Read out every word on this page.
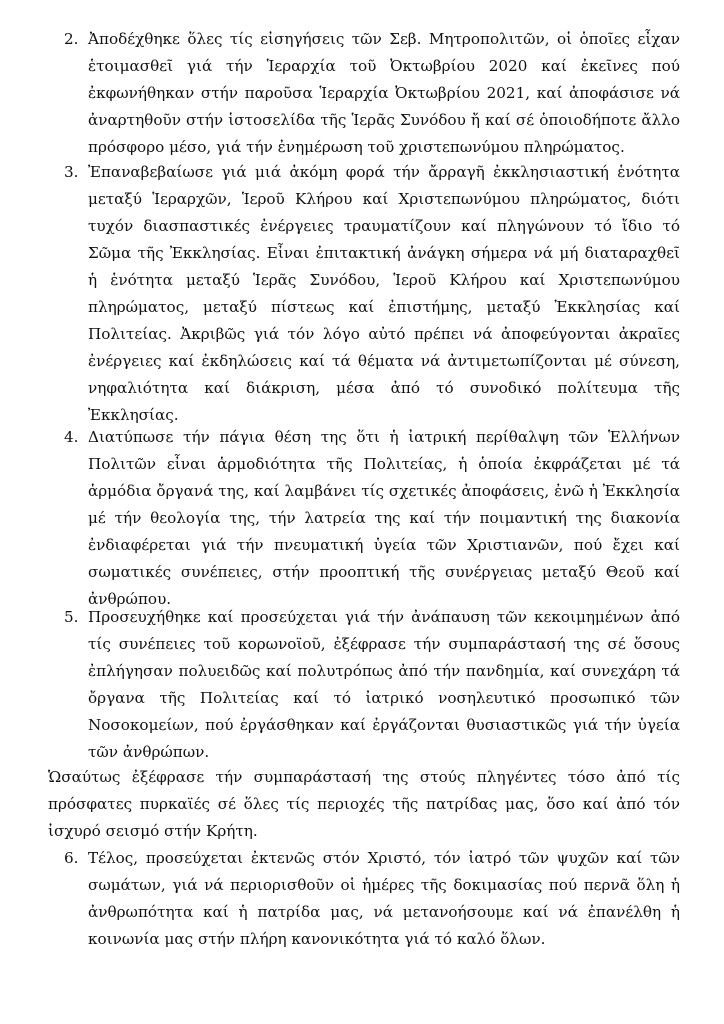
2. Ἀποδέχθηκε ὅλες τίς εἰσηγήσεις τῶν Σεβ. Μητροπολιτῶν, οἱ ὁποῖες εἶχαν ἑτοιμασθεῖ γιά τήν Ἱεραρχία τοῦ Ὀκτωβρίου 2020 καί ἐκεῖνες πού ἐκφωνήθηκαν στήν παροῦσα Ἱεραρχία Ὀκτωβρίου 2021, καί ἀποφάσισε νά ἀναρτηθοῦν στήν ἱστοσελίδα τῆς Ἱερᾶς Συνόδου ἤ καί σέ ὁποιοδήποτε ἄλλο πρόσφορο μέσο, γιά τήν ἐνημέρωση τοῦ χριστεπωνύμου πληρώματος.
3. Ἐπαναβεβαίωσε γιά μιά ἀκόμη φορά τήν ἄρραγῆ ἐκκλησιαστική ἑνότητα μεταξύ Ἱεραρχῶν, Ἱεροῦ Κλήρου καί Χριστεπωνύμου πληρώματος, διότι τυχόν διασπαστικές ἐνέργειες τραυματίζουν καί πληγώνουν τό ἴδιο τό Σῶμα τῆς Ἐκκλησίας. Εἶναι ἐπιτακτική ἀνάγκη σήμερα νά μή διαταραχθεῖ ἡ ἑνότητα μεταξύ Ἱερᾶς Συνόδου, Ἱεροῦ Κλήρου καί Χριστεπωνύμου πληρώματος, μεταξύ πίστεως καί ἐπιστήμης, μεταξύ Ἐκκλησίας καί Πολιτείας. Ἀκριβῶς γιά τόν λόγο αὐτό πρέπει νά ἀποφεύγονται ἀκραῖες ἐνέργειες καί ἐκδηλώσεις καί τά θέματα νά ἀντιμετωπίζονται μέ σύνεση, νηφαλιότητα καί διάκριση, μέσα ἀπό τό συνοδικό πολίτευμα τῆς Ἐκκλησίας.
4. Διατύπωσε τήν πάγια θέση της ὅτι ἡ ἰατρική περίθαλψη τῶν Ἑλλήνων Πολιτῶν εἶναι ἁρμοδιότητα τῆς Πολιτείας, ἡ ὁποία ἐκφράζεται μέ τά ἁρμόδια ὄργανά της, καί λαμβάνει τίς σχετικές ἀποφάσεις, ἐνῶ ἡ Ἐκκλησία μέ τήν θεολογία της, τήν λατρεία της καί τήν ποιμαντική της διακονία ἐνδιαφέρεται γιά τήν πνευματική ὑγεία τῶν Χριστιανῶν, πού ἔχει καί σωματικές συνέπειες, στήν προοπτική τῆς συνέργειας μεταξύ Θεοῦ καί ἀνθρώπου.
5. Προσευχήθηκε καί προσεύχεται γιά τήν ἀνάπαυση τῶν κεκοιμημένων ἀπό τίς συνέπειες τοῦ κορωνοϊοῦ, ἐξέφρασε τήν συμπαράστασή της σέ ὅσους ἐπλήγησαν πολυειδῶς καί πολυτρόπως ἀπό τήν πανδημία, καί συνεχάρη τά ὄργανα τῆς Πολιτείας καί τό ἰατρικό νοσηλευτικό προσωπικό τῶν Νοσοκομείων, πού ἐργάσθηκαν καί ἐργάζονται θυσιαστικῶς γιά τήν ὑγεία τῶν ἀνθρώπων.
Ὡσαύτως ἐξέφρασε τήν συμπαράστασή της στούς πληγέντες τόσο ἀπό τίς πρόσφατες πυρκαϊές σέ ὅλες τίς περιοχές τῆς πατρίδας μας, ὅσο καί ἀπό τόν ἰσχυρό σεισμό στήν Κρήτη.
6. Τέλος, προσεύχεται ἐκτενῶς στόν Χριστό, τόν ἰατρό τῶν ψυχῶν καί τῶν σωμάτων, γιά νά περιορισθοῦν οἱ ἡμέρες τῆς δοκιμασίας πού περνᾶ ὅλη ἡ ἀνθρωπότητα καί ἡ πατρίδα μας, νά μετανοήσουμε καί νά ἐπανέλθη ἡ κοινωνία μας στήν πλήρη κανονικότητα γιά τό καλό ὅλων.
